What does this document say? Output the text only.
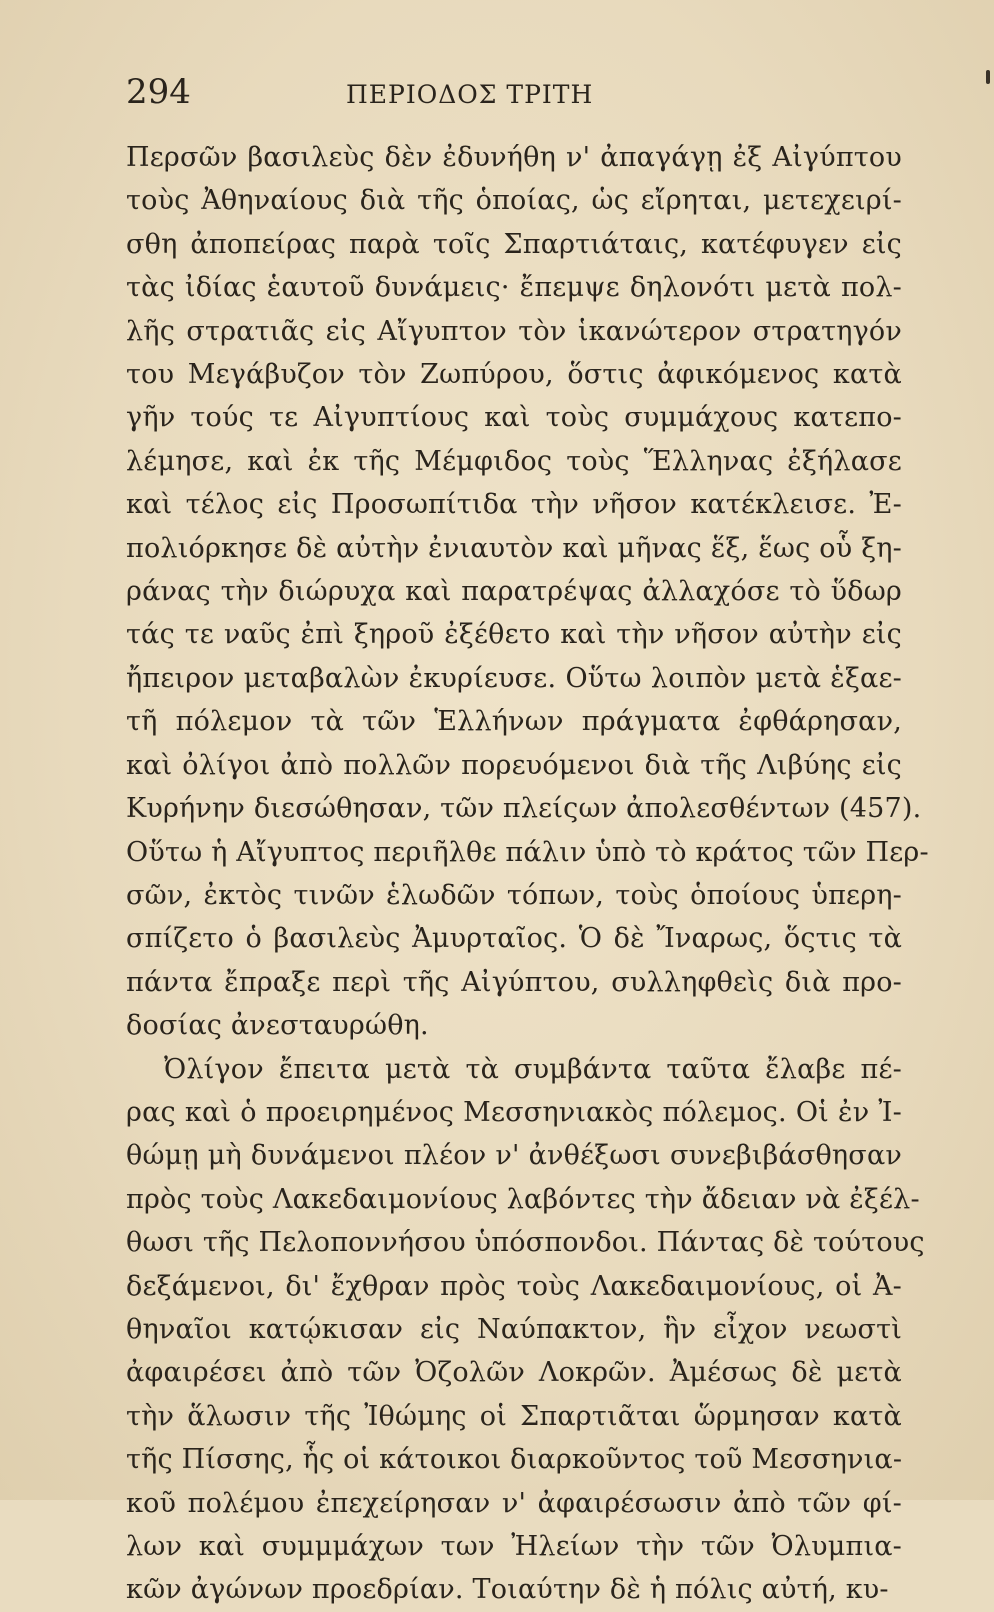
294	ΠΕΡΙΟΔΟΣ ΤΡΙΤΗ
Περσῶν βασιλεὺς δὲν ἐδυνήθη ν' ἀπαγάγῃ ἐξ Αἰγύπτου
τοὺς Ἀθηναίους διὰ τῆς ὁποίας, ὡς εἴρηται, μετεχειρί-
σθη ἀποπείρας παρὰ τοῖς Σπαρτιάταις, κατέφυγεν εἰς
τὰς ἰδίας ἑαυτοῦ δυνάμεις· ἔπεμψε δηλονότι μετὰ πολ-
λῆς στρατιᾶς εἰς Αἴγυπτον τὸν ἱκανώτερον στρατηγόν
του Μεγάβυζον τὸν Ζωπύρου, ὅστις ἀφικόμενος κατὰ
γῆν τούς τε Αἰγυπτίους καὶ τοὺς συμμάχους κατεπο-
λέμησε, καὶ ἐκ τῆς Μέμφιδος τοὺς Ἕλληνας ἐξήλασε
καὶ τέλος εἰς Προσωπίτιδα τὴν νῆσον κατέκλεισε. Ἐ-
πολιόρκησε δὲ αὐτὴν ἐνιαυτὸν καὶ μῆνας ἕξ, ἕως οὗ ξη-
ράνας τὴν διώρυχα καὶ παρατρέψας ἀλλαχόσε τὸ ὕδωρ
τάς τε ναῦς ἐπὶ ξηροῦ ἐξέθετο καὶ τὴν νῆσον αὐτὴν εἰς
ἤπειρον μεταβαλὼν ἐκυρίευσε. Οὕτω λοιπὸν μετὰ ἑξαε-
τῆ πόλεμον τὰ τῶν Ἑλλήνων πράγματα ἐφθάρησαν,
καὶ ὀλίγοι ἀπὸ πολλῶν πορευόμενοι διὰ τῆς Λιβύης εἰς
Κυρήνην διεσώθησαν, τῶν πλείςων ἀπολεσθέντων (457).
Οὕτω ἡ Αἴγυπτος περιῆλθε πάλιν ὑπὸ τὸ κράτος τῶν Περ-
σῶν, ἐκτὸς τινῶν ἑλωδῶν τόπων, τοὺς ὁποίους ὑπερη-
σπίζετο ὁ βασιλεὺς Ἀμυρταῖος. Ὁ δὲ Ἴναρως, ὅςτις τὰ
πάντα ἔπραξε περὶ τῆς Αἰγύπτου, συλληφθεὶς διὰ προ-
δοσίας ἀνεσταυρώθη.
Ὀλίγον ἔπειτα μετὰ τὰ συμβάντα ταῦτα ἔλαβε πέ-
ρας καὶ ὁ προειρημένος Μεσσηνιακὸς πόλεμος. Οἱ ἐν Ἰ-
θώμῃ μὴ δυνάμενοι πλέον ν' ἀνθέξωσι συνεβιβάσθησαν
πρὸς τοὺς Λακεδαιμονίους λαβόντες τὴν ἄδειαν νὰ ἐξέλ-
θωσι τῆς Πελοποννήσου ὑπόσπονδοι. Πάντας δὲ τούτους
δεξάμενοι, δι' ἔχθραν πρὸς τοὺς Λακεδαιμονίους, οἱ Ἀ-
θηναῖοι κατῴκισαν εἰς Ναύπακτον, ἣν εἶχον νεωστὶ
ἀφαιρέσει ἀπὸ τῶν Ὀζολῶν Λοκρῶν. Ἀμέσως δὲ μετὰ
τὴν ἅλωσιν τῆς Ἰθώμης οἱ Σπαρτιᾶται ὥρμησαν κατὰ
τῆς Πίσσης, ἧς οἱ κάτοικοι διαρκοῦντος τοῦ Μεσσηνια-
κοῦ πολέμου ἐπεχείρησαν ν' ἀφαιρέσωσιν ἀπὸ τῶν φί-
λων καὶ συμμμάχων των Ἠλείων τὴν τῶν Ὀλυμπια-
κῶν ἀγώνων προεδρίαν. Τοιαύτην δὲ ἡ πόλις αὐτή, κυ-
